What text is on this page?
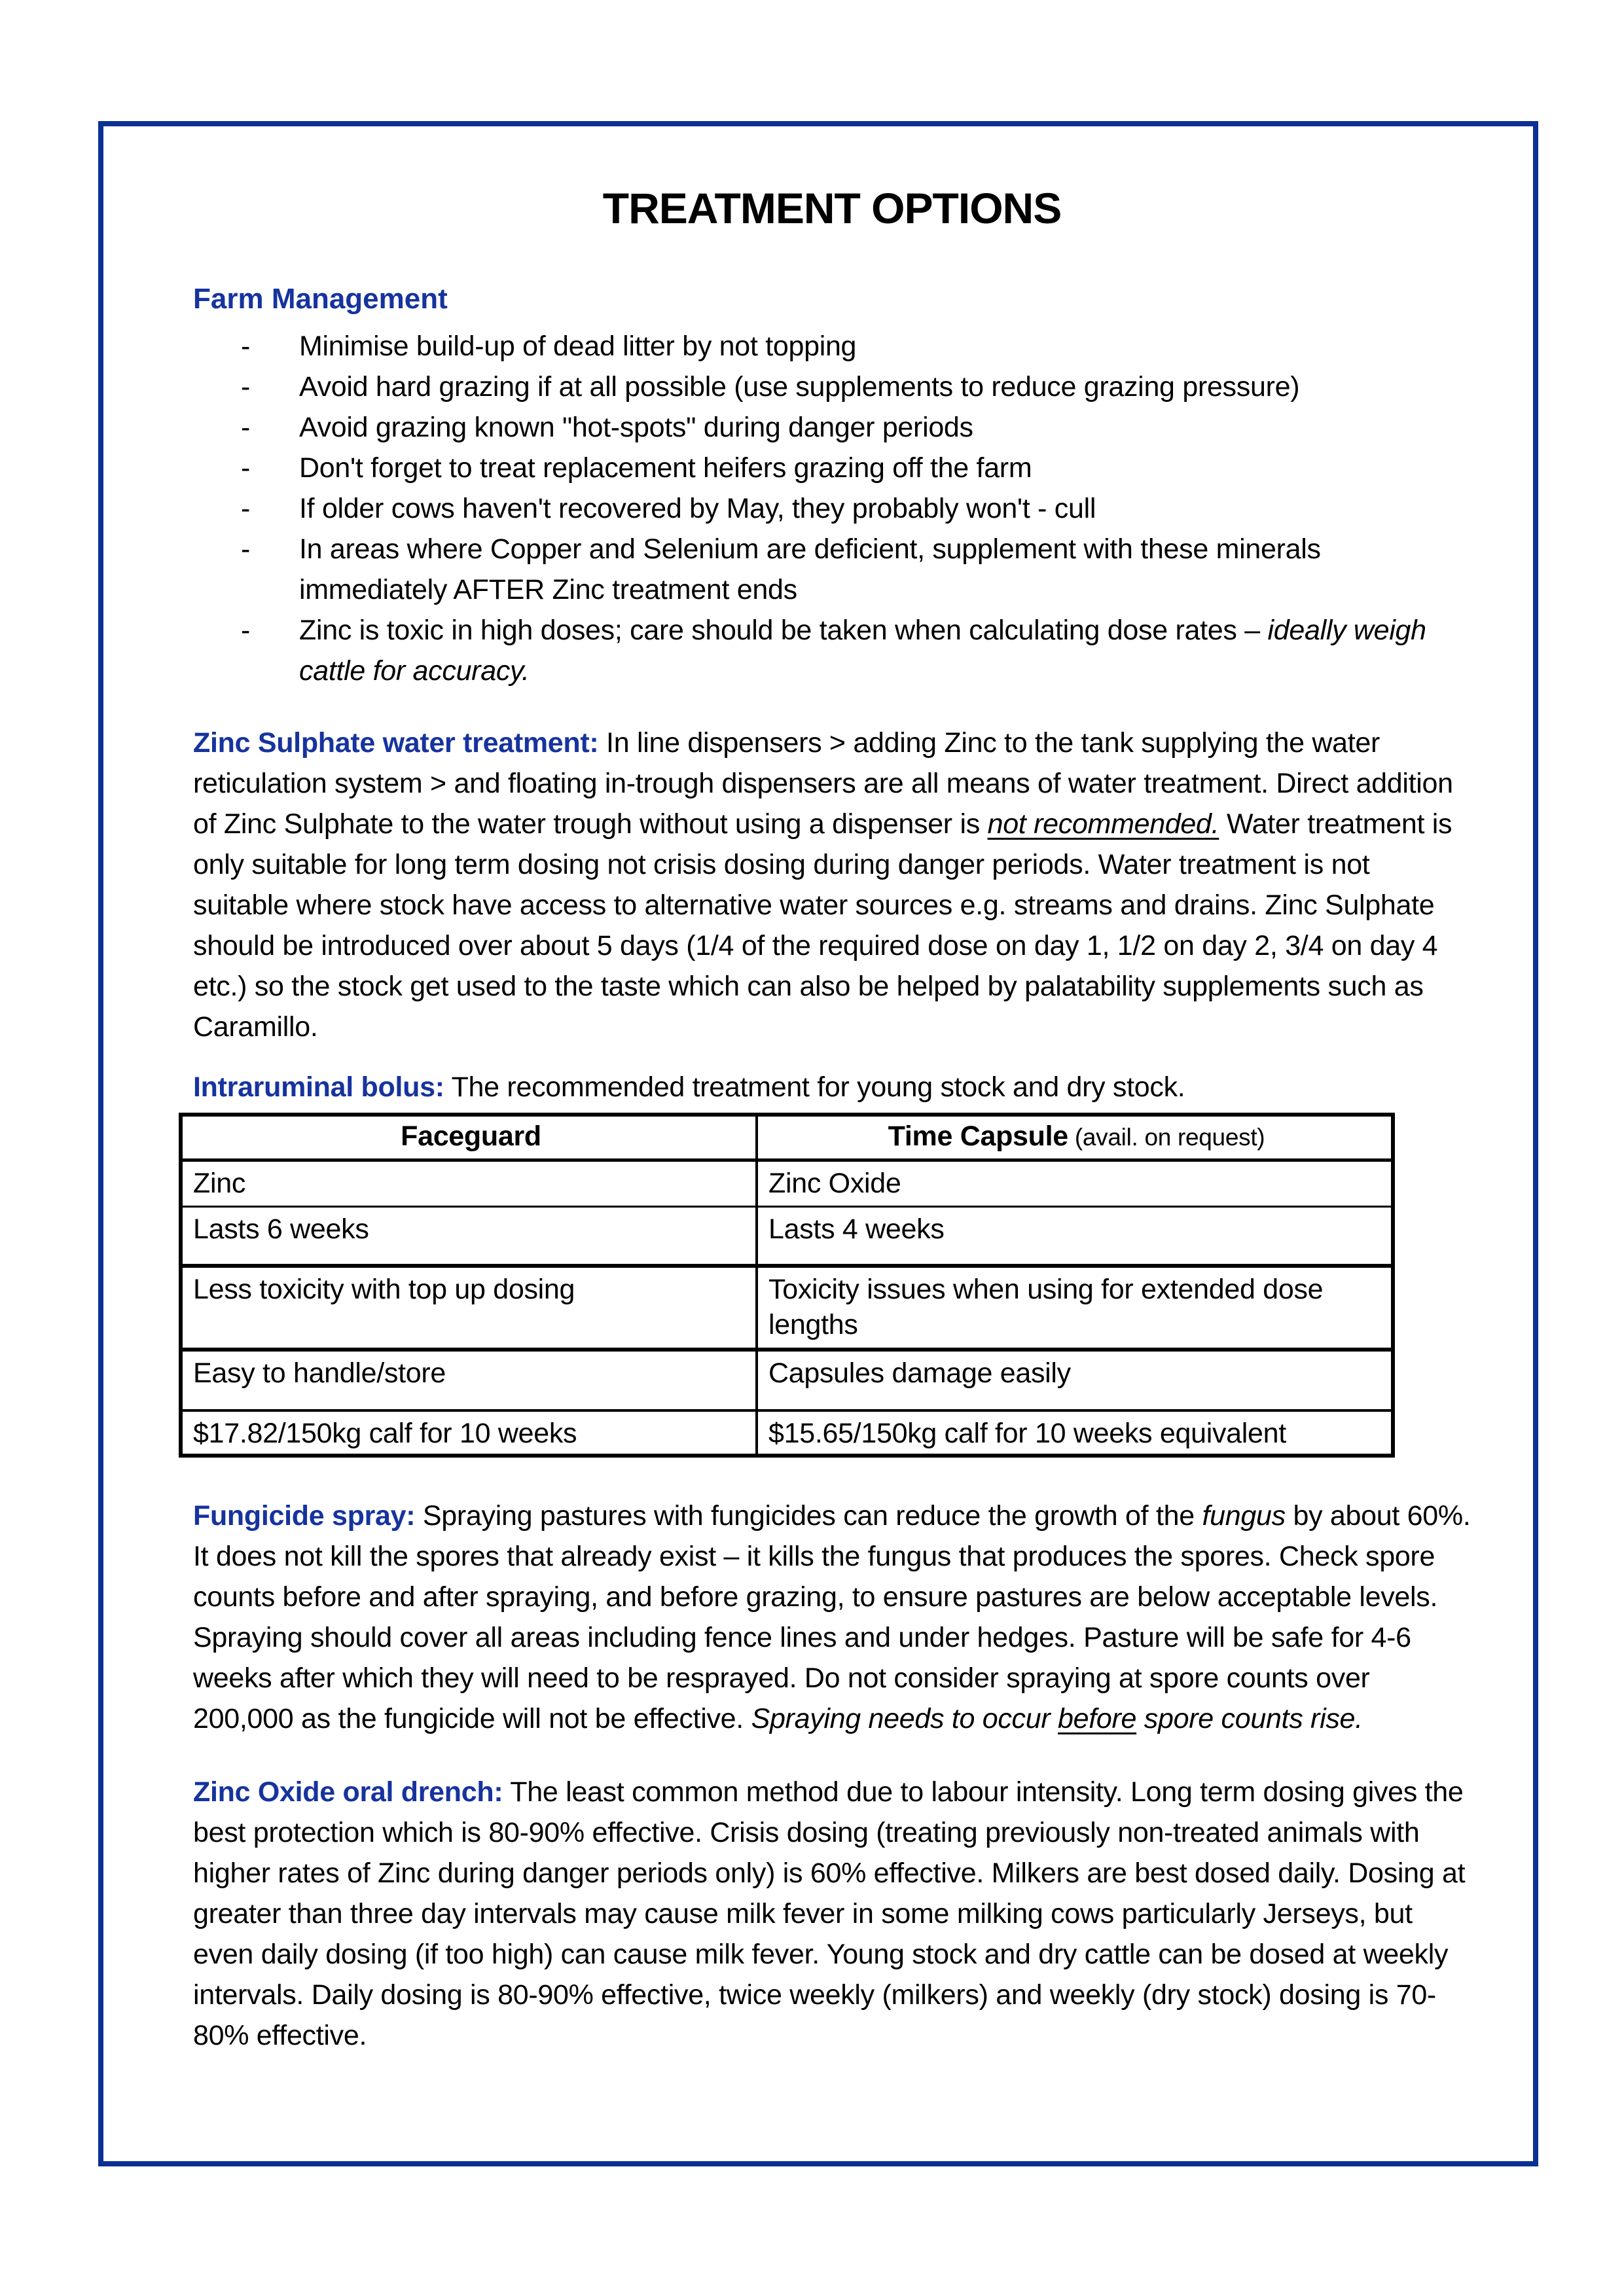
TREATMENT OPTIONS
Farm Management
-	Minimise build-up of dead litter by not topping
-	Avoid hard grazing if at all possible (use supplements to reduce grazing pressure)
-	Avoid grazing known "hot-spots" during danger periods
-	Don't forget to treat replacement heifers grazing off the farm
-	If older cows haven't recovered by May, they probably won't - cull
-	In areas where Copper and Selenium are deficient, supplement with these minerals immediately AFTER Zinc treatment ends
-	Zinc is toxic in high doses; care should be taken when calculating dose rates – ideally weigh cattle for accuracy.

Zinc Sulphate water treatment: In line dispensers > adding Zinc to the tank supplying the water reticulation system > and floating in-trough dispensers are all means of water treatment. Direct addition of Zinc Sulphate to the water trough without using a dispenser is not recommended. Water treatment is only suitable for long term dosing not crisis dosing during danger periods. Water treatment is not suitable where stock have access to alternative water sources e.g. streams and drains. Zinc Sulphate should be introduced over about 5 days (1/4 of the required dose on day 1, 1/2 on day 2, 3/4 on day 4 etc.) so the stock get used to the taste which can also be helped by palatability supplements such as Caramillo.

Intraruminal bolus: The recommended treatment for young stock and dry stock.

Faceguard	Time Capsule (avail. on request)
Zinc	Zinc Oxide
Lasts 6 weeks	Lasts 4 weeks
Less toxicity with top up dosing	Toxicity issues when using for extended dose lengths
Easy to handle/store	Capsules damage easily
$17.82/150kg calf for 10 weeks	$15.65/150kg calf for 10 weeks equivalent

Fungicide spray: Spraying pastures with fungicides can reduce the growth of the fungus by about 60%. It does not kill the spores that already exist – it kills the fungus that produces the spores. Check spore counts before and after spraying, and before grazing, to ensure pastures are below acceptable levels. Spraying should cover all areas including fence lines and under hedges. Pasture will be safe for 4-6 weeks after which they will need to be resprayed. Do not consider spraying at spore counts over 200,000 as the fungicide will not be effective. Spraying needs to occur before spore counts rise.

Zinc Oxide oral drench: The least common method due to labour intensity. Long term dosing gives the best protection which is 80-90% effective. Crisis dosing (treating previously non-treated animals with higher rates of Zinc during danger periods only) is 60% effective. Milkers are best dosed daily. Dosing at greater than three day intervals may cause milk fever in some milking cows particularly Jerseys, but even daily dosing (if too high) can cause milk fever. Young stock and dry cattle can be dosed at weekly intervals. Daily dosing is 80-90% effective, twice weekly (milkers) and weekly (dry stock) dosing is 70-80% effective.
